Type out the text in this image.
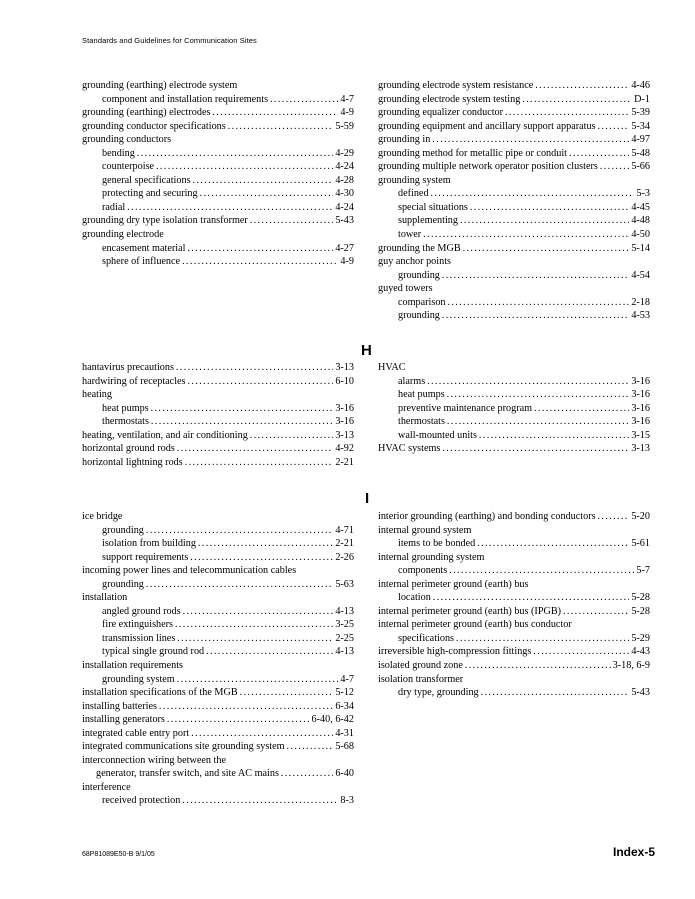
Standards and Guidelines for Communication Sites
grounding (earthing) electrode system
component and installation requirements	4-7
. . .
grounding (earthing) electrodes	4-9
. . .
grounding conductor specifications	5-59
. . .
grounding conductors
bending	4-29
. . .
counterpoise	4-24
. . .
general specifications	4-28
. . .
protecting and securing	4-30
. . .
radial	4-24
. . .
grounding dry type isolation transformer	5-43
. . .
grounding electrode
encasement material	4-27
. . .
sphere of influence	4-9
. . .
grounding electrode system resistance	4-46
. . .
grounding electrode system testing	D-1
. . .
grounding equalizer conductor	5-39
. . .
grounding equipment and ancillary support apparatus	5-34
. . .
grounding in	4-97
. . .
grounding method for metallic pipe or conduit	5-48
. . .
grounding multiple network operator position clusters	5-66
. . .
grounding system
defined	5-3
. . .
special situations	4-45
. . .
supplementing	4-48
. . .
tower	4-50
. . .
grounding the MGB	5-14
. . .
guy anchor points
grounding	4-54
. . .
guyed towers
comparison	2-18
. . .
grounding	4-53
. . .
H
hantavirus precautions	3-13
. . .
hardwiring of receptacles	6-10
. . .
heating
heat pumps	3-16
. . .
thermostats	3-16
. . .
heating, ventilation, and air conditioning	3-13
. . .
horizontal ground rods	4-92
. . .
horizontal lightning rods	2-21
. . .
HVAC
alarms	3-16
. . .
heat pumps	3-16
. . .
preventive maintenance program	3-16
. . .
thermostats	3-16
. . .
wall-mounted units	3-15
. . .
HVAC systems	3-13
. . .
I
ice bridge
grounding	4-71
. . .
isolation from building	2-21
. . .
support requirements	2-26
. . .
incoming power lines and telecommunication cables
grounding	5-63
. . .
installation
angled ground rods	4-13
. . .
fire extinguishers	3-25
. . .
transmission lines	2-25
. . .
typical single ground rod	4-13
. . .
installation requirements
grounding system	4-7
. . .
installation specifications of the MGB	5-12
. . .
installing batteries	6-34
. . .
installing generators	6-40, 6-42
. . .
integrated cable entry port	4-31
. . .
integrated communications site grounding system	5-68
. . .
interconnection wiring between the
generator, transfer switch, and site AC mains	6-40
. . .
interference
received protection	8-3
. . .
interior grounding (earthing) and bonding conductors	5-20
. . .
internal ground system
items to be bonded	5-61
. . .
internal grounding system
components	5-7
. . .
internal perimeter ground (earth) bus
location	5-28
. . .
internal perimeter ground (earth) bus (IPGB)	5-28
. . .
internal perimeter ground (earth) bus conductor
specifications	5-29
. . .
irreversible high-compression fittings	4-43
. . .
isolated ground zone	3-18, 6-9
. . .
isolation transformer
dry type, grounding	5-43
. . .
68P81089E50-B 9/1/05	Index-5
